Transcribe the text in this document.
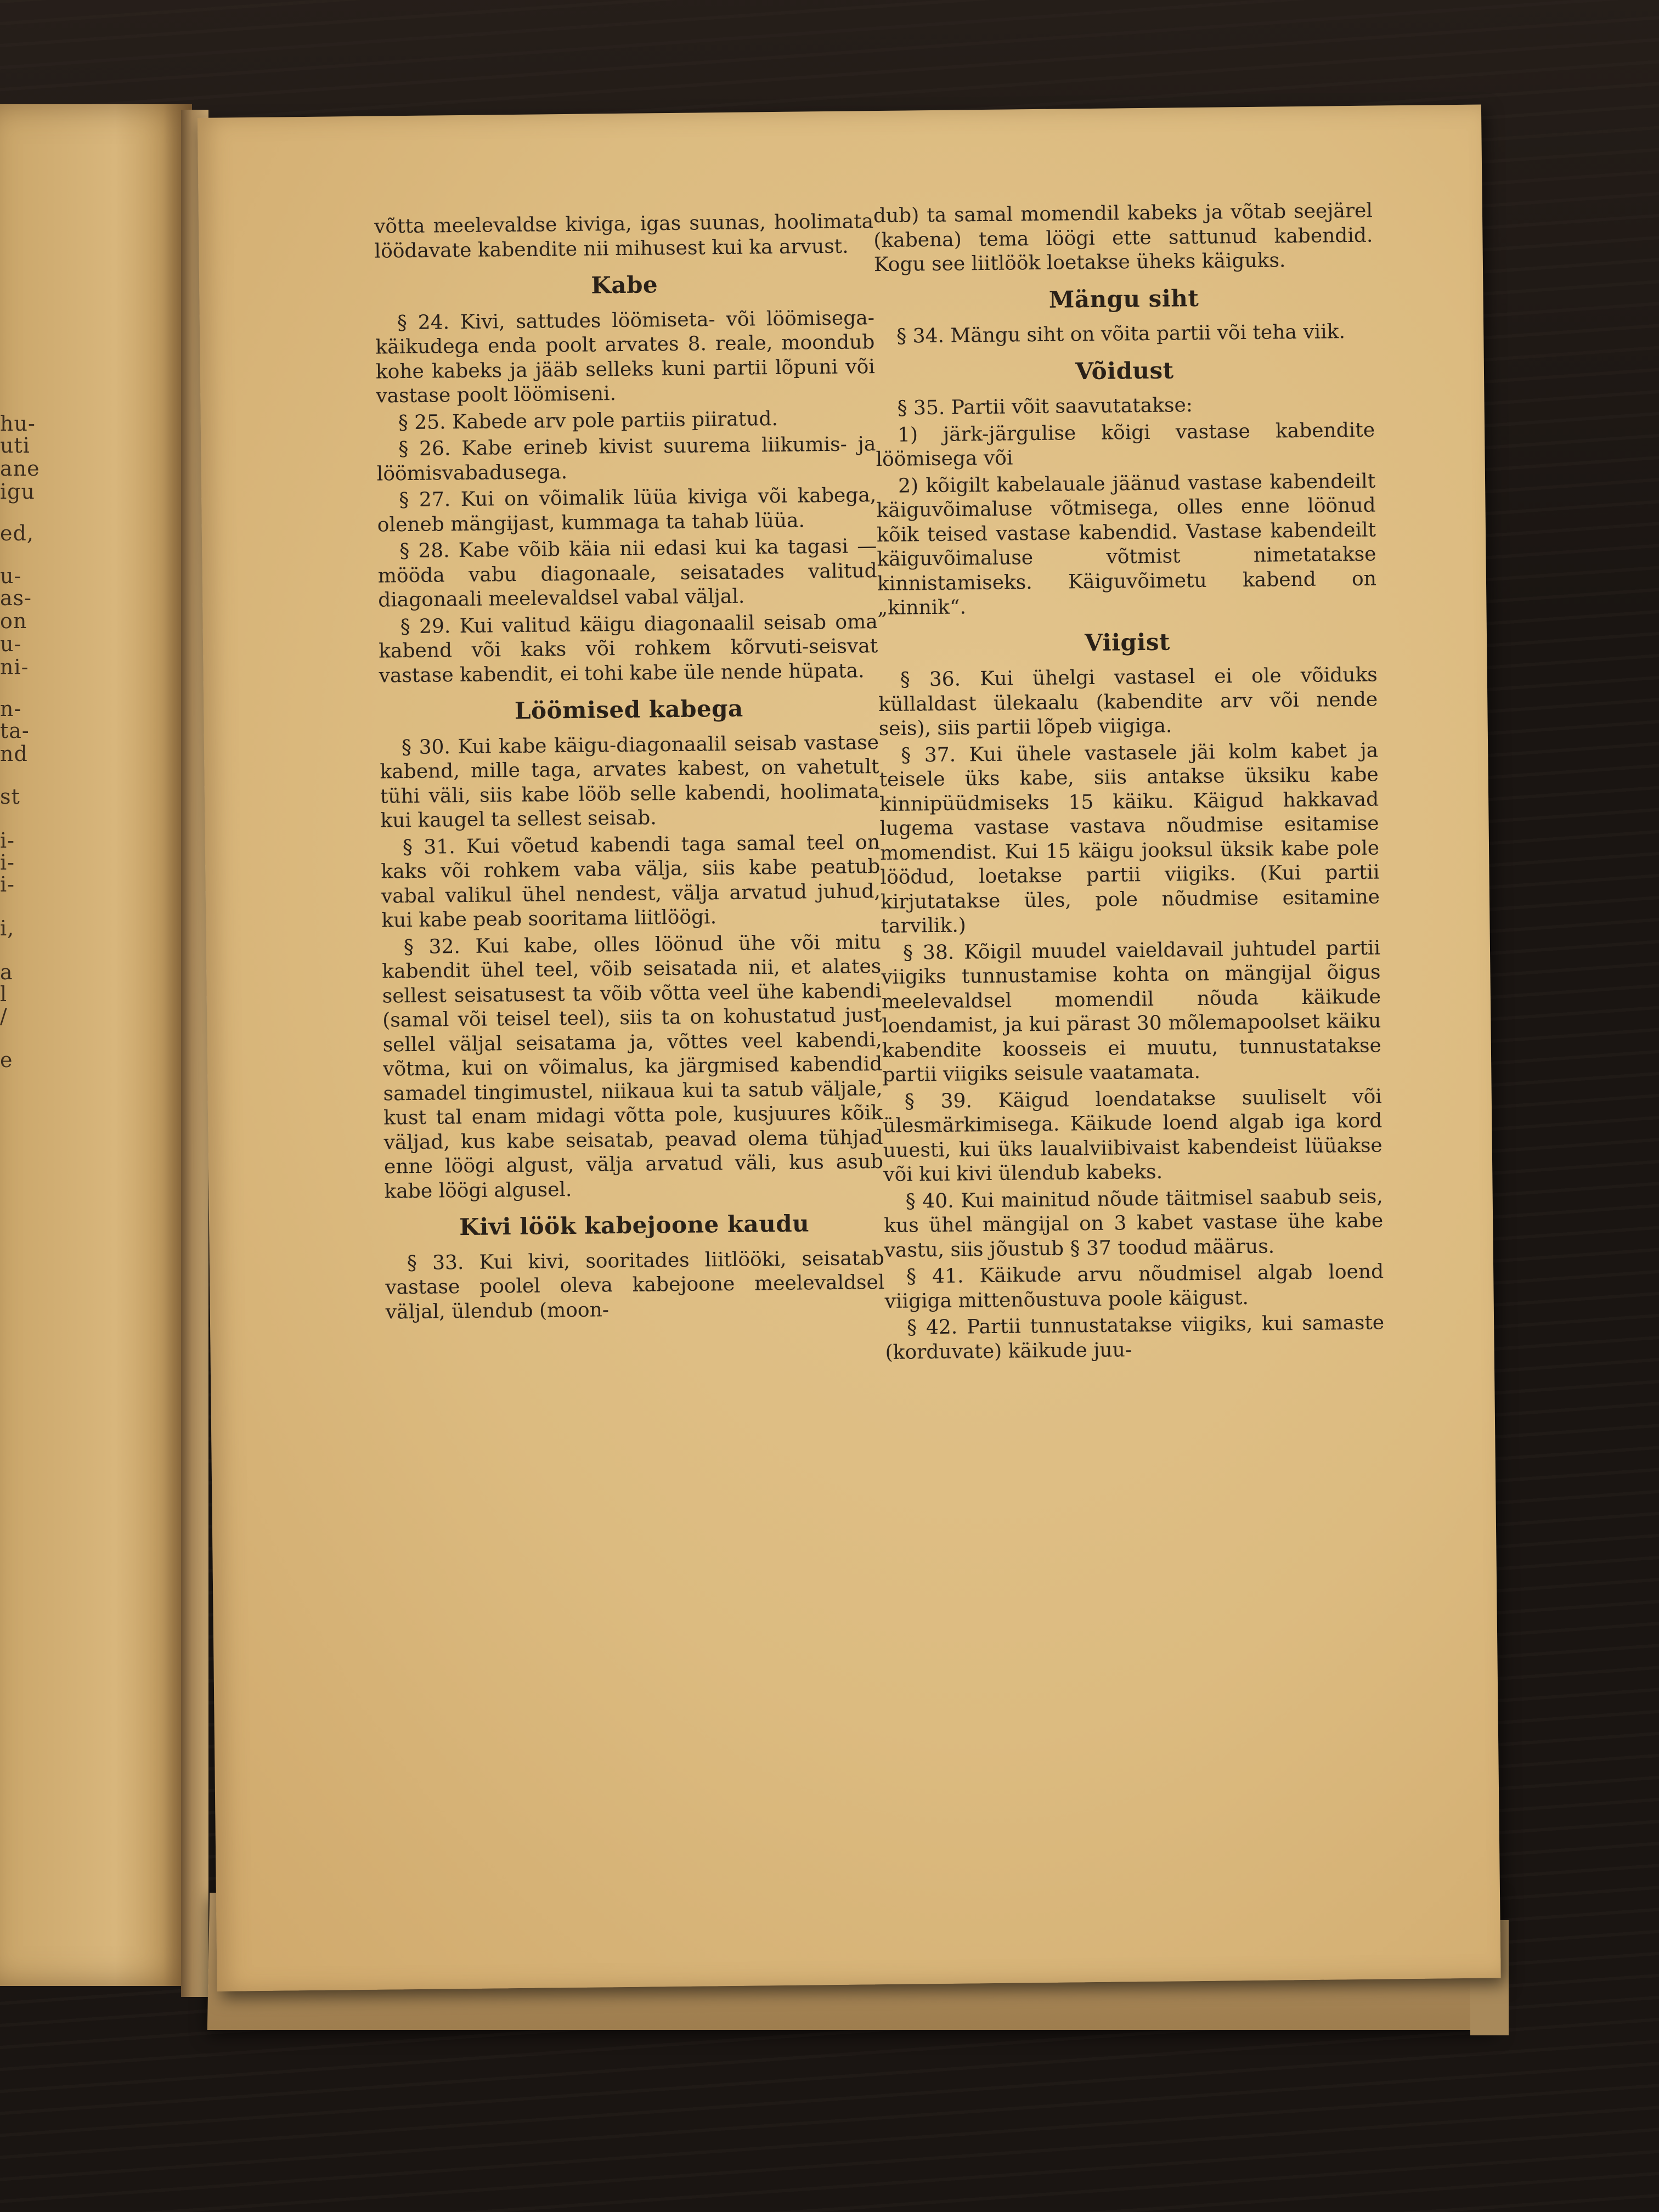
hu-
uti
ane
igu
ed,
u-
as-
on
u-
ni-
n-
ta-
nd
st
i-
i-
i-
i,
a
l
/
e

võtta meelevaldse kiviga, igas suunas, hoolimata löödavate kabendite nii mihusest kui ka arvust.

Kabe

§ 24. Kivi, sattudes löömiseta- või löömisega-käikudega enda poolt arvates 8. reale, moondub kohe kabeks ja jääb selleks kuni partii lõpuni või vastase poolt löömiseni.

§ 25. Kabede arv pole partiis piiratud.

§ 26. Kabe erineb kivist suurema liikumis- ja löömisvabadusega.

§ 27. Kui on võimalik lüüa kiviga või kabega, oleneb mängijast, kummaga ta tahab lüüa.

§ 28. Kabe võib käia nii edasi kui ka tagasi — mööda vabu diagonaale, seisatades valitud diagonaali meelevaldsel vabal väljal.

§ 29. Kui valitud käigu diagonaalil seisab oma kabend või kaks või rohkem kõrvuti-seisvat vastase kabendit, ei tohi kabe üle nende hüpata.

Löömised kabega

§ 30. Kui kabe käigu-diagonaalil seisab vastase kabend, mille taga, arvates kabest, on vahetult tühi väli, siis kabe lööb selle kabendi, hoolimata kui kaugel ta sellest seisab.

§ 31. Kui võetud kabendi taga samal teel on kaks või rohkem vaba välja, siis kabe peatub vabal valikul ühel nendest, välja arvatud juhud, kui kabe peab sooritama liitlöögi.

§ 32. Kui kabe, olles löönud ühe või mitu kabendit ühel teel, võib seisatada nii, et alates sellest seisatusest ta võib võtta veel ühe kabendi (samal või teisel teel), siis ta on kohustatud just sellel väljal seisatama ja, võttes veel kabendi, võtma, kui on võimalus, ka järgmised kabendid samadel tingimustel, niikaua kui ta satub väljale, kust tal enam midagi võtta pole, kusjuures kõik väljad, kus kabe seisatab, peavad olema tühjad enne löögi algust, välja arvatud väli, kus asub kabe löögi algusel.

Kivi löök kabejoone kaudu

§ 33. Kui kivi, sooritades liitlööki, seisatab vastase poolel oleva kabejoone meelevaldsel väljal, ülendub (moon-

dub) ta samal momendil kabeks ja võtab seejärel (kabena) tema löögi ette sattunud kabendid. Kogu see liitlöök loetakse üheks käiguks.

Mängu siht

§ 34. Mängu siht on võita partii või teha viik.

Võidust

§ 35. Partii võit saavutatakse:

1) järk-järgulise kõigi vastase kabendite löömisega või

2) kõigilt kabelauale jäänud vastase kabendeilt käiguvõimaluse võtmisega, olles enne löönud kõik teised vastase kabendid. Vastase kabendeilt käiguvõimaluse võtmist nimetatakse kinnistamiseks. Käiguvõimetu kabend on „kinnik“.

Viigist

§ 36. Kui ühelgi vastasel ei ole võiduks küllaldast ülekaalu (kabendite arv või nende seis), siis partii lõpeb viigiga.

§ 37. Kui ühele vastasele jäi kolm kabet ja teisele üks kabe, siis antakse üksiku kabe kinnipüüdmiseks 15 käiku. Käigud hakkavad lugema vastase vastava nõudmise esitamise momendist. Kui 15 käigu jooksul üksik kabe pole löödud, loetakse partii viigiks. (Kui partii kirjutatakse üles, pole nõudmise esitamine tarvilik.)

§ 38. Kõigil muudel vaieldavail juhtudel partii viigiks tunnustamise kohta on mängijal õigus meelevaldsel momendil nõuda käikude loendamist, ja kui pärast 30 mõlemapoolset käiku kabendite koosseis ei muutu, tunnustatakse partii viigiks seisule vaatamata.

§ 39. Käigud loendatakse suuliselt või ülesmärkimisega. Käikude loend algab iga kord uuesti, kui üks laualviibivaist kabendeist lüüakse või kui kivi ülendub kabeks.

§ 40. Kui mainitud nõude täitmisel saabub seis, kus ühel mängijal on 3 kabet vastase ühe kabe vastu, siis jõustub § 37 toodud määrus.

§ 41. Käikude arvu nõudmisel algab loend viigiga mittenõustuva poole käigust.

§ 42. Partii tunnustatakse viigiks, kui samaste (korduvate) käikude juu-
